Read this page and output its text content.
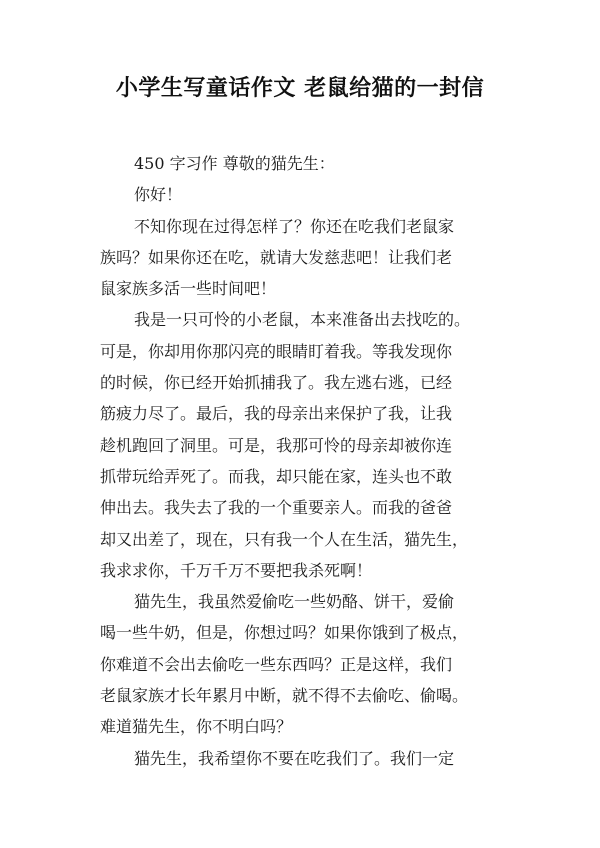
小学生写童话作文 老鼠给猫的一封信
450 字习作 尊敬的猫先生：
你好！
不知你现在过得怎样了？你还在吃我们老鼠家
族吗？如果你还在吃，就请大发慈悲吧！让我们老
鼠家族多活一些时间吧！
我是一只可怜的小老鼠，本来准备出去找吃的。
可是，你却用你那闪亮的眼睛盯着我。等我发现你
的时候，你已经开始抓捕我了。我左逃右逃，已经
筋疲力尽了。最后，我的母亲出来保护了我，让我
趁机跑回了洞里。可是，我那可怜的母亲却被你连
抓带玩给弄死了。而我，却只能在家，连头也不敢
伸出去。我失去了我的一个重要亲人。而我的爸爸
却又出差了，现在，只有我一个人在生活，猫先生，
我求求你，千万千万不要把我杀死啊！
猫先生，我虽然爱偷吃一些奶酪、饼干，爱偷
喝一些牛奶，但是，你想过吗？如果你饿到了极点，
你难道不会出去偷吃一些东西吗？正是这样，我们
老鼠家族才长年累月中断，就不得不去偷吃、偷喝。
难道猫先生，你不明白吗？
猫先生，我希望你不要在吃我们了。我们一定
